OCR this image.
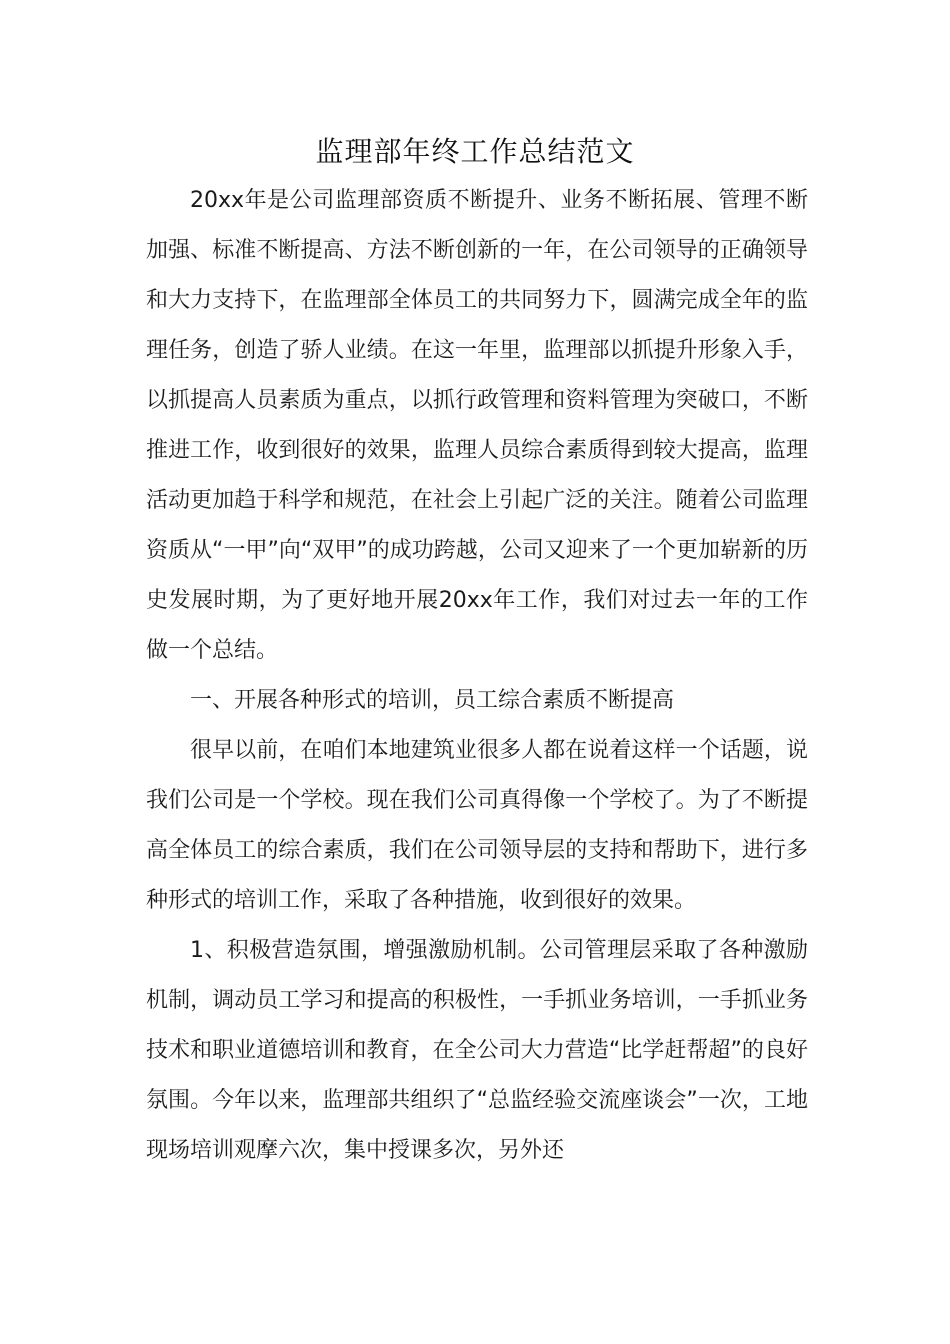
监理部年终工作总结范文

20xx年是公司监理部资质不断提升、业务不断拓展、管理不断加强、标准不断提高、方法不断创新的一年，在公司领导的正确领导和大力支持下，在监理部全体员工的共同努力下，圆满完成全年的监理任务，创造了骄人业绩。在这一年里，监理部以抓提升形象入手，以抓提高人员素质为重点，以抓行政管理和资料管理为突破口，不断推进工作，收到很好的效果，监理人员综合素质得到较大提高，监理活动更加趋于科学和规范，在社会上引起广泛的关注。随着公司监理资质从“一甲”向“双甲”的成功跨越，公司又迎来了一个更加崭新的历史发展时期，为了更好地开展20xx年工作，我们对过去一年的工作做一个总结。

一、开展各种形式的培训，员工综合素质不断提高

很早以前，在咱们本地建筑业很多人都在说着这样一个话题，说我们公司是一个学校。现在我们公司真得像一个学校了。为了不断提高全体员工的综合素质，我们在公司领导层的支持和帮助下，进行多种形式的培训工作，采取了各种措施，收到很好的效果。

1、积极营造氛围，增强激励机制。公司管理层采取了各种激励机制，调动员工学习和提高的积极性，一手抓业务培训，一手抓业务技术和职业道德培训和教育，在全公司大力营造“比学赶帮超”的良好氛围。今年以来，监理部共组织了“总监经验交流座谈会”一次，工地现场培训观摩六次，集中授课多次，另外还
